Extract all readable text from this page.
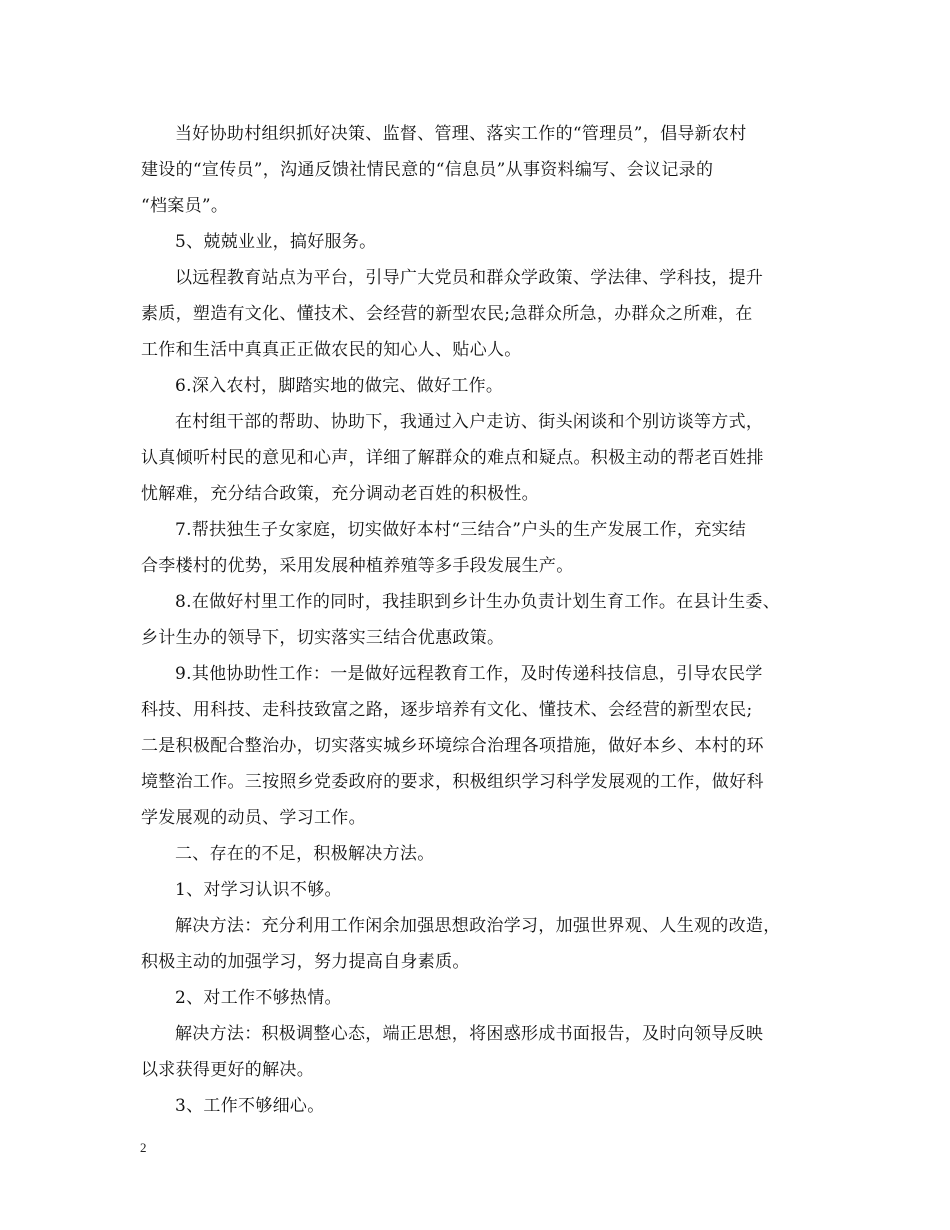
当好协助村组织抓好决策、监督、管理、落实工作的“管理员”，倡导新农村

建设的“宣传员”，沟通反馈社情民意的“信息员”从事资料编写、会议记录的

“档案员”。

5、兢兢业业，搞好服务。

以远程教育站点为平台，引导广大党员和群众学政策、学法律、学科技，提升

素质，塑造有文化、懂技术、会经营的新型农民;急群众所急，办群众之所难，在

工作和生活中真真正正做农民的知心人、贴心人。

6.深入农村，脚踏实地的做完、做好工作。

在村组干部的帮助、协助下，我通过入户走访、街头闲谈和个别访谈等方式，

认真倾听村民的意见和心声，详细了解群众的难点和疑点。积极主动的帮老百姓排

忧解难，充分结合政策，充分调动老百姓的积极性。

7.帮扶独生子女家庭，切实做好本村“三结合”户头的生产发展工作，充实结

合李楼村的优势，采用发展种植养殖等多手段发展生产。

8.在做好村里工作的同时，我挂职到乡计生办负责计划生育工作。在县计生委、

乡计生办的领导下，切实落实三结合优惠政策。

9.其他协助性工作：一是做好远程教育工作，及时传递科技信息，引导农民学

科技、用科技、走科技致富之路，逐步培养有文化、懂技术、会经营的新型农民;

二是积极配合整治办，切实落实城乡环境综合治理各项措施，做好本乡、本村的环

境整治工作。三按照乡党委政府的要求，积极组织学习科学发展观的工作，做好科

学发展观的动员、学习工作。

二、存在的不足，积极解决方法。

1、对学习认识不够。

解决方法：充分利用工作闲余加强思想政治学习，加强世界观、人生观的改造，

积极主动的加强学习，努力提高自身素质。

2、对工作不够热情。

解决方法：积极调整心态，端正思想，将困惑形成书面报告，及时向领导反映

以求获得更好的解决。

3、工作不够细心。

2
